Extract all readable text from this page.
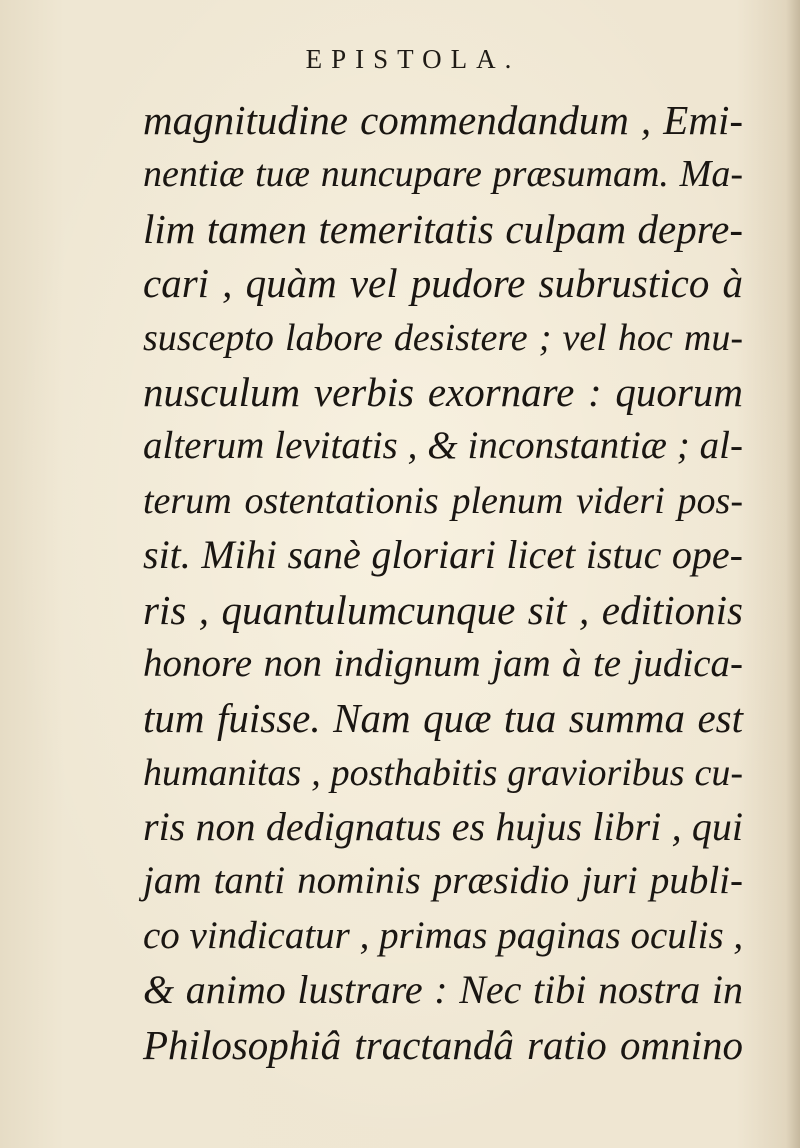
EPISTOLA.
magnitudine commendandum , Emi-
nentiæ tuæ nuncupare præsumam. Ma-
lim tamen temeritatis culpam depre-
cari , quàm vel pudore subrustico à
suscepto labore desistere ; vel hoc mu-
nusculum verbis exornare : quorum
alterum levitatis , & inconstantiæ ; al-
terum ostentationis plenum videri pos-
sit. Mihi sanè gloriari licet istuc ope-
ris , quantulumcunque sit , editionis
honore non indignum jam à te judica-
tum fuisse. Nam quæ tua summa est
humanitas , posthabitis gravioribus cu-
ris non dedignatus es hujus libri , qui
jam tanti nominis præsidio juri publi-
co vindicatur , primas paginas oculis ,
& animo lustrare : Nec tibi nostra in
Philosophiâ tractandâ ratio omnino
